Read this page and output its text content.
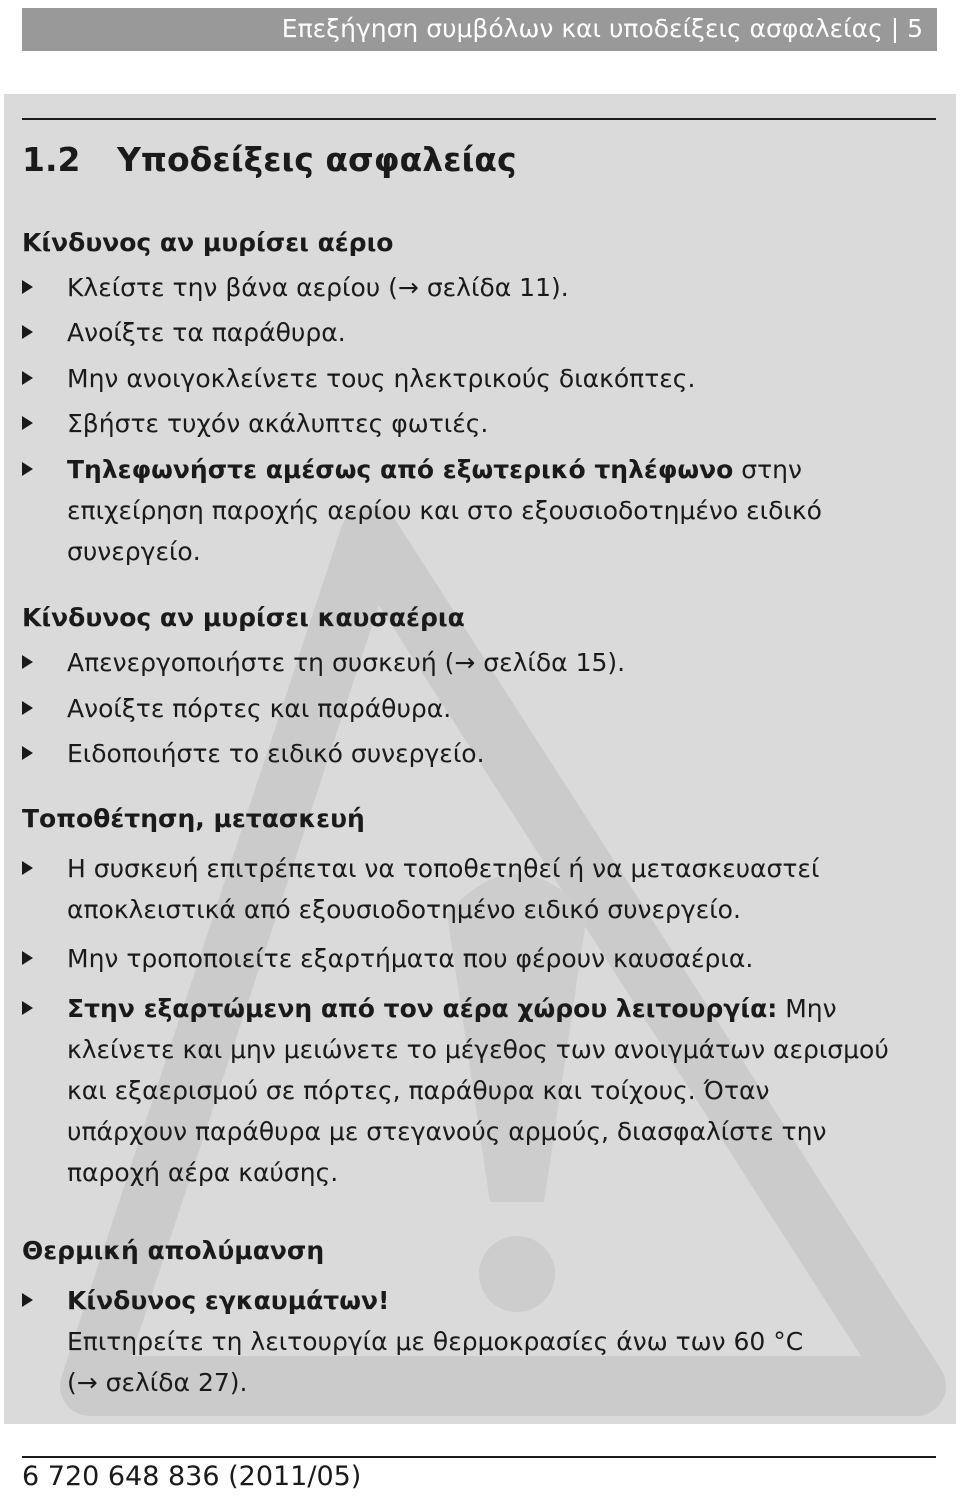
Επεξήγηση συμβόλων και υποδείξεις ασφαλείας | 5
1.2 Υποδείξεις ασφαλείας
Κίνδυνος αν μυρίσει αέριο
Κλείστε την βάνα αερίου (→ σελίδα 11).
Ανοίξτε τα παράθυρα.
Μην ανοιγοκλείνετε τους ηλεκτρικούς διακόπτες.
Σβήστε τυχόν ακάλυπτες φωτιές.
Τηλεφωνήστε αμέσως από εξωτερικό τηλέφωνο στην
επιχείρηση παροχής αερίου και στο εξουσιοδοτημένο ειδικό
συνεργείο.
Κίνδυνος αν μυρίσει καυσαέρια
Απενεργοποιήστε τη συσκευή (→ σελίδα 15).
Ανοίξτε πόρτες και παράθυρα.
Ειδοποιήστε το ειδικό συνεργείο.
Τοποθέτηση, μετασκευή
Η συσκευή επιτρέπεται να τοποθετηθεί ή να μετασκευαστεί
αποκλειστικά από εξουσιοδοτημένο ειδικό συνεργείο.
Μην τροποποιείτε εξαρτήματα που φέρουν καυσαέρια.
Στην εξαρτώμενη από τον αέρα χώρου λειτουργία: Μην
κλείνετε και μην μειώνετε το μέγεθος των ανοιγμάτων αερισμού
και εξαερισμού σε πόρτες, παράθυρα και τοίχους. Όταν
υπάρχουν παράθυρα με στεγανούς αρμούς, διασφαλίστε την
παροχή αέρα καύσης.
Θερμική απολύμανση
Κίνδυνος εγκαυμάτων!
Επιτηρείτε τη λειτουργία με θερμοκρασίες άνω των 60 °C
(→ σελίδα 27).
6 720 648 836 (2011/05)
